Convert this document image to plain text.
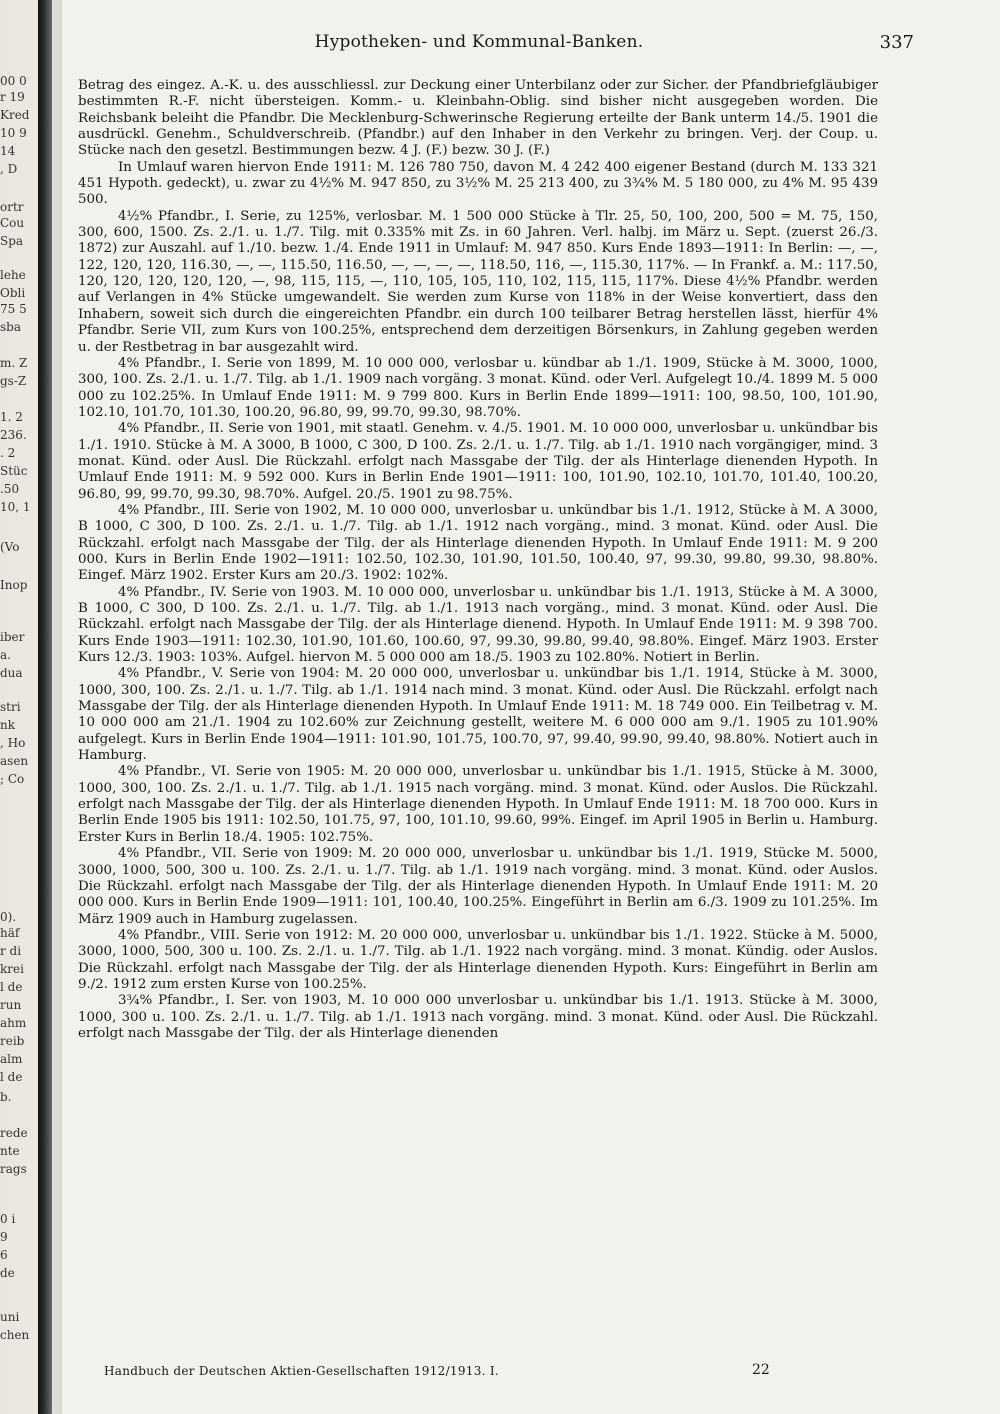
00 0
r 19
Kred
10 9
14
, D
ortr
Cou
Spa
lehe
Obli
75 5
sba
m. Z
gs-Z
1. 2
236.
. 2
Stüc
.50
10, 1
(Vo
Inop
iber
a.
dua
stri
nk
, Ho
asen
; Co
0).
häf
r di
krei
l de
run
ahm
reib
alm
l de
b.
rede
nte
rags
0 i
9
6
de
uni
chen
Hypotheken- und Kommunal-Banken.	337

Betrag des eingez. A.-K. u. des ausschliessl. zur Deckung einer Unterbilanz oder zur Sicher. der Pfandbriefgläubiger bestimmten R.-F. nicht übersteigen. Komm.- u. Kleinbahn-Oblig. sind bisher nicht ausgegeben worden. Die Reichsbank beleiht die Pfandbr. Die Mecklenburg-Schwerinsche Regierung erteilte der Bank unterm 14./5. 1901 die ausdrückl. Genehm., Schuldverschreib. (Pfandbr.) auf den Inhaber in den Verkehr zu bringen. Verj. der Coup. u. Stücke nach den gesetzl. Bestimmungen bezw. 4 J. (F.) bezw. 30 J. (F.)

In Umlauf waren hiervon Ende 1911: M. 126 780 750, davon M. 4 242 400 eigener Bestand (durch M. 133 321 451 Hypoth. gedeckt), u. zwar zu 4½% M. 947 850, zu 3½% M. 25 213 400, zu 3¾% M. 5 180 000, zu 4% M. 95 439 500.

4½% Pfandbr., I. Serie, zu 125%, verlosbar. M. 1 500 000 Stücke à Tlr. 25, 50, 100, 200, 500 = M. 75, 150, 300, 600, 1500. Zs. 2./1. u. 1./7. Tilg. mit 0.335% mit Zs. in 60 Jahren. Verl. halbj. im März u. Sept. (zuerst 26./3. 1872) zur Auszahl. auf 1./10. bezw. 1./4. Ende 1911 in Umlauf: M. 947 850. Kurs Ende 1893—1911: In Berlin: —, —, 122, 120, 120, 116.30, —, —, 115.50, 116.50, —, —, —, —, 118.50, 116, —, 115.30, 117%. — In Frankf. a. M.: 117.50, 120, 120, 120, 120, 120, —, 98, 115, 115, —, 110, 105, 105, 110, 102, 115, 115, 117%. Diese 4½% Pfandbr. werden auf Verlangen in 4% Stücke umgewandelt. Sie werden zum Kurse von 118% in der Weise konvertiert, dass den Inhabern, soweit sich durch die eingereichten Pfandbr. ein durch 100 teilbarer Betrag herstellen lässt, hierfür 4% Pfandbr. Serie VII, zum Kurs von 100.25%, entsprechend dem derzeitigen Börsenkurs, in Zahlung gegeben werden u. der Restbetrag in bar ausgezahlt wird.

4% Pfandbr., I. Serie von 1899, M. 10 000 000, verlosbar u. kündbar ab 1./1. 1909, Stücke à M. 3000, 1000, 300, 100. Zs. 2./1. u. 1./7. Tilg. ab 1./1. 1909 nach vorgäng. 3 monat. Künd. oder Verl. Aufgelegt 10./4. 1899 M. 5 000 000 zu 102.25%. In Umlauf Ende 1911: M. 9 799 800. Kurs in Berlin Ende 1899—1911: 100, 98.50, 100, 101.90, 102.10, 101.70, 101.30, 100.20, 96.80, 99, 99.70, 99.30, 98.70%.

4% Pfandbr., II. Serie von 1901, mit staatl. Genehm. v. 4./5. 1901. M. 10 000 000, unverlosbar u. unkündbar bis 1./1. 1910. Stücke à M. A 3000, B 1000, C 300, D 100. Zs. 2./1. u. 1./7. Tilg. ab 1./1. 1910 nach vorgängiger, mind. 3 monat. Künd. oder Ausl. Die Rückzahl. erfolgt nach Massgabe der Tilg. der als Hinterlage dienenden Hypoth. In Umlauf Ende 1911: M. 9 592 000. Kurs in Berlin Ende 1901—1911: 100, 101.90, 102.10, 101.70, 101.40, 100.20, 96.80, 99, 99.70, 99.30, 98.70%. Aufgel. 20./5. 1901 zu 98.75%.

4% Pfandbr., III. Serie von 1902, M. 10 000 000, unverlosbar u. unkündbar bis 1./1. 1912, Stücke à M. A 3000, B 1000, C 300, D 100. Zs. 2./1. u. 1./7. Tilg. ab 1./1. 1912 nach vorgäng., mind. 3 monat. Künd. oder Ausl. Die Rückzahl. erfolgt nach Massgabe der Tilg. der als Hinterlage dienenden Hypoth. In Umlauf Ende 1911: M. 9 200 000. Kurs in Berlin Ende 1902—1911: 102.50, 102.30, 101.90, 101.50, 100.40, 97, 99.30, 99.80, 99.30, 98.80%. Eingef. März 1902. Erster Kurs am 20./3. 1902: 102%.

4% Pfandbr., IV. Serie von 1903. M. 10 000 000, unverlosbar u. unkündbar bis 1./1. 1913, Stücke à M. A 3000, B 1000, C 300, D 100. Zs. 2./1. u. 1./7. Tilg. ab 1./1. 1913 nach vorgäng., mind. 3 monat. Künd. oder Ausl. Die Rückzahl. erfolgt nach Massgabe der Tilg. der als Hinterlage dienend. Hypoth. In Umlauf Ende 1911: M. 9 398 700. Kurs Ende 1903—1911: 102.30, 101.90, 101.60, 100.60, 97, 99.30, 99.80, 99.40, 98.80%. Eingef. März 1903. Erster Kurs 12./3. 1903: 103%. Aufgel. hiervon M. 5 000 000 am 18./5. 1903 zu 102.80%. Notiert in Berlin.

4% Pfandbr., V. Serie von 1904: M. 20 000 000, unverlosbar u. unkündbar bis 1./1. 1914, Stücke à M. 3000, 1000, 300, 100. Zs. 2./1. u. 1./7. Tilg. ab 1./1. 1914 nach mind. 3 monat. Künd. oder Ausl. Die Rückzahl. erfolgt nach Massgabe der Tilg. der als Hinterlage dienenden Hypoth. In Umlauf Ende 1911: M. 18 749 000. Ein Teilbetrag v. M. 10 000 000 am 21./1. 1904 zu 102.60% zur Zeichnung gestellt, weitere M. 6 000 000 am 9./1. 1905 zu 101.90% aufgelegt. Kurs in Berlin Ende 1904—1911: 101.90, 101.75, 100.70, 97, 99.40, 99.90, 99.40, 98.80%. Notiert auch in Hamburg.

4% Pfandbr., VI. Serie von 1905: M. 20 000 000, unverlosbar u. unkündbar bis 1./1. 1915, Stücke à M. 3000, 1000, 300, 100. Zs. 2./1. u. 1./7. Tilg. ab 1./1. 1915 nach vorgäng. mind. 3 monat. Künd. oder Auslos. Die Rückzahl. erfolgt nach Massgabe der Tilg. der als Hinterlage dienenden Hypoth. In Umlauf Ende 1911: M. 18 700 000. Kurs in Berlin Ende 1905 bis 1911: 102.50, 101.75, 97, 100, 101.10, 99.60, 99%. Eingef. im April 1905 in Berlin u. Hamburg. Erster Kurs in Berlin 18./4. 1905: 102.75%.

4% Pfandbr., VII. Serie von 1909: M. 20 000 000, unverlosbar u. unkündbar bis 1./1. 1919, Stücke M. 5000, 3000, 1000, 500, 300 u. 100. Zs. 2./1. u. 1./7. Tilg. ab 1./1. 1919 nach vorgäng. mind. 3 monat. Künd. oder Auslos. Die Rückzahl. erfolgt nach Massgabe der Tilg. der als Hinterlage dienenden Hypoth. In Umlauf Ende 1911: M. 20 000 000. Kurs in Berlin Ende 1909—1911: 101, 100.40, 100.25%. Eingeführt in Berlin am 6./3. 1909 zu 101.25%. Im März 1909 auch in Hamburg zugelassen.

4% Pfandbr., VIII. Serie von 1912: M. 20 000 000, unverlosbar u. unkündbar bis 1./1. 1922. Stücke à M. 5000, 3000, 1000, 500, 300 u. 100. Zs. 2./1. u. 1./7. Tilg. ab 1./1. 1922 nach vorgäng. mind. 3 monat. Kündig. oder Auslos. Die Rückzahl. erfolgt nach Massgabe der Tilg. der als Hinterlage dienenden Hypoth. Kurs: Eingeführt in Berlin am 9./2. 1912 zum ersten Kurse von 100.25%.

3¾% Pfandbr., I. Ser. von 1903, M. 10 000 000 unverlosbar u. unkündbar bis 1./1. 1913. Stücke à M. 3000, 1000, 300 u. 100. Zs. 2./1. u. 1./7. Tilg. ab 1./1. 1913 nach vorgäng. mind. 3 monat. Künd. oder Ausl. Die Rückzahl. erfolgt nach Massgabe der Tilg. der als Hinterlage dienenden

Handbuch der Deutschen Aktien-Gesellschaften 1912/1913. I.	22
